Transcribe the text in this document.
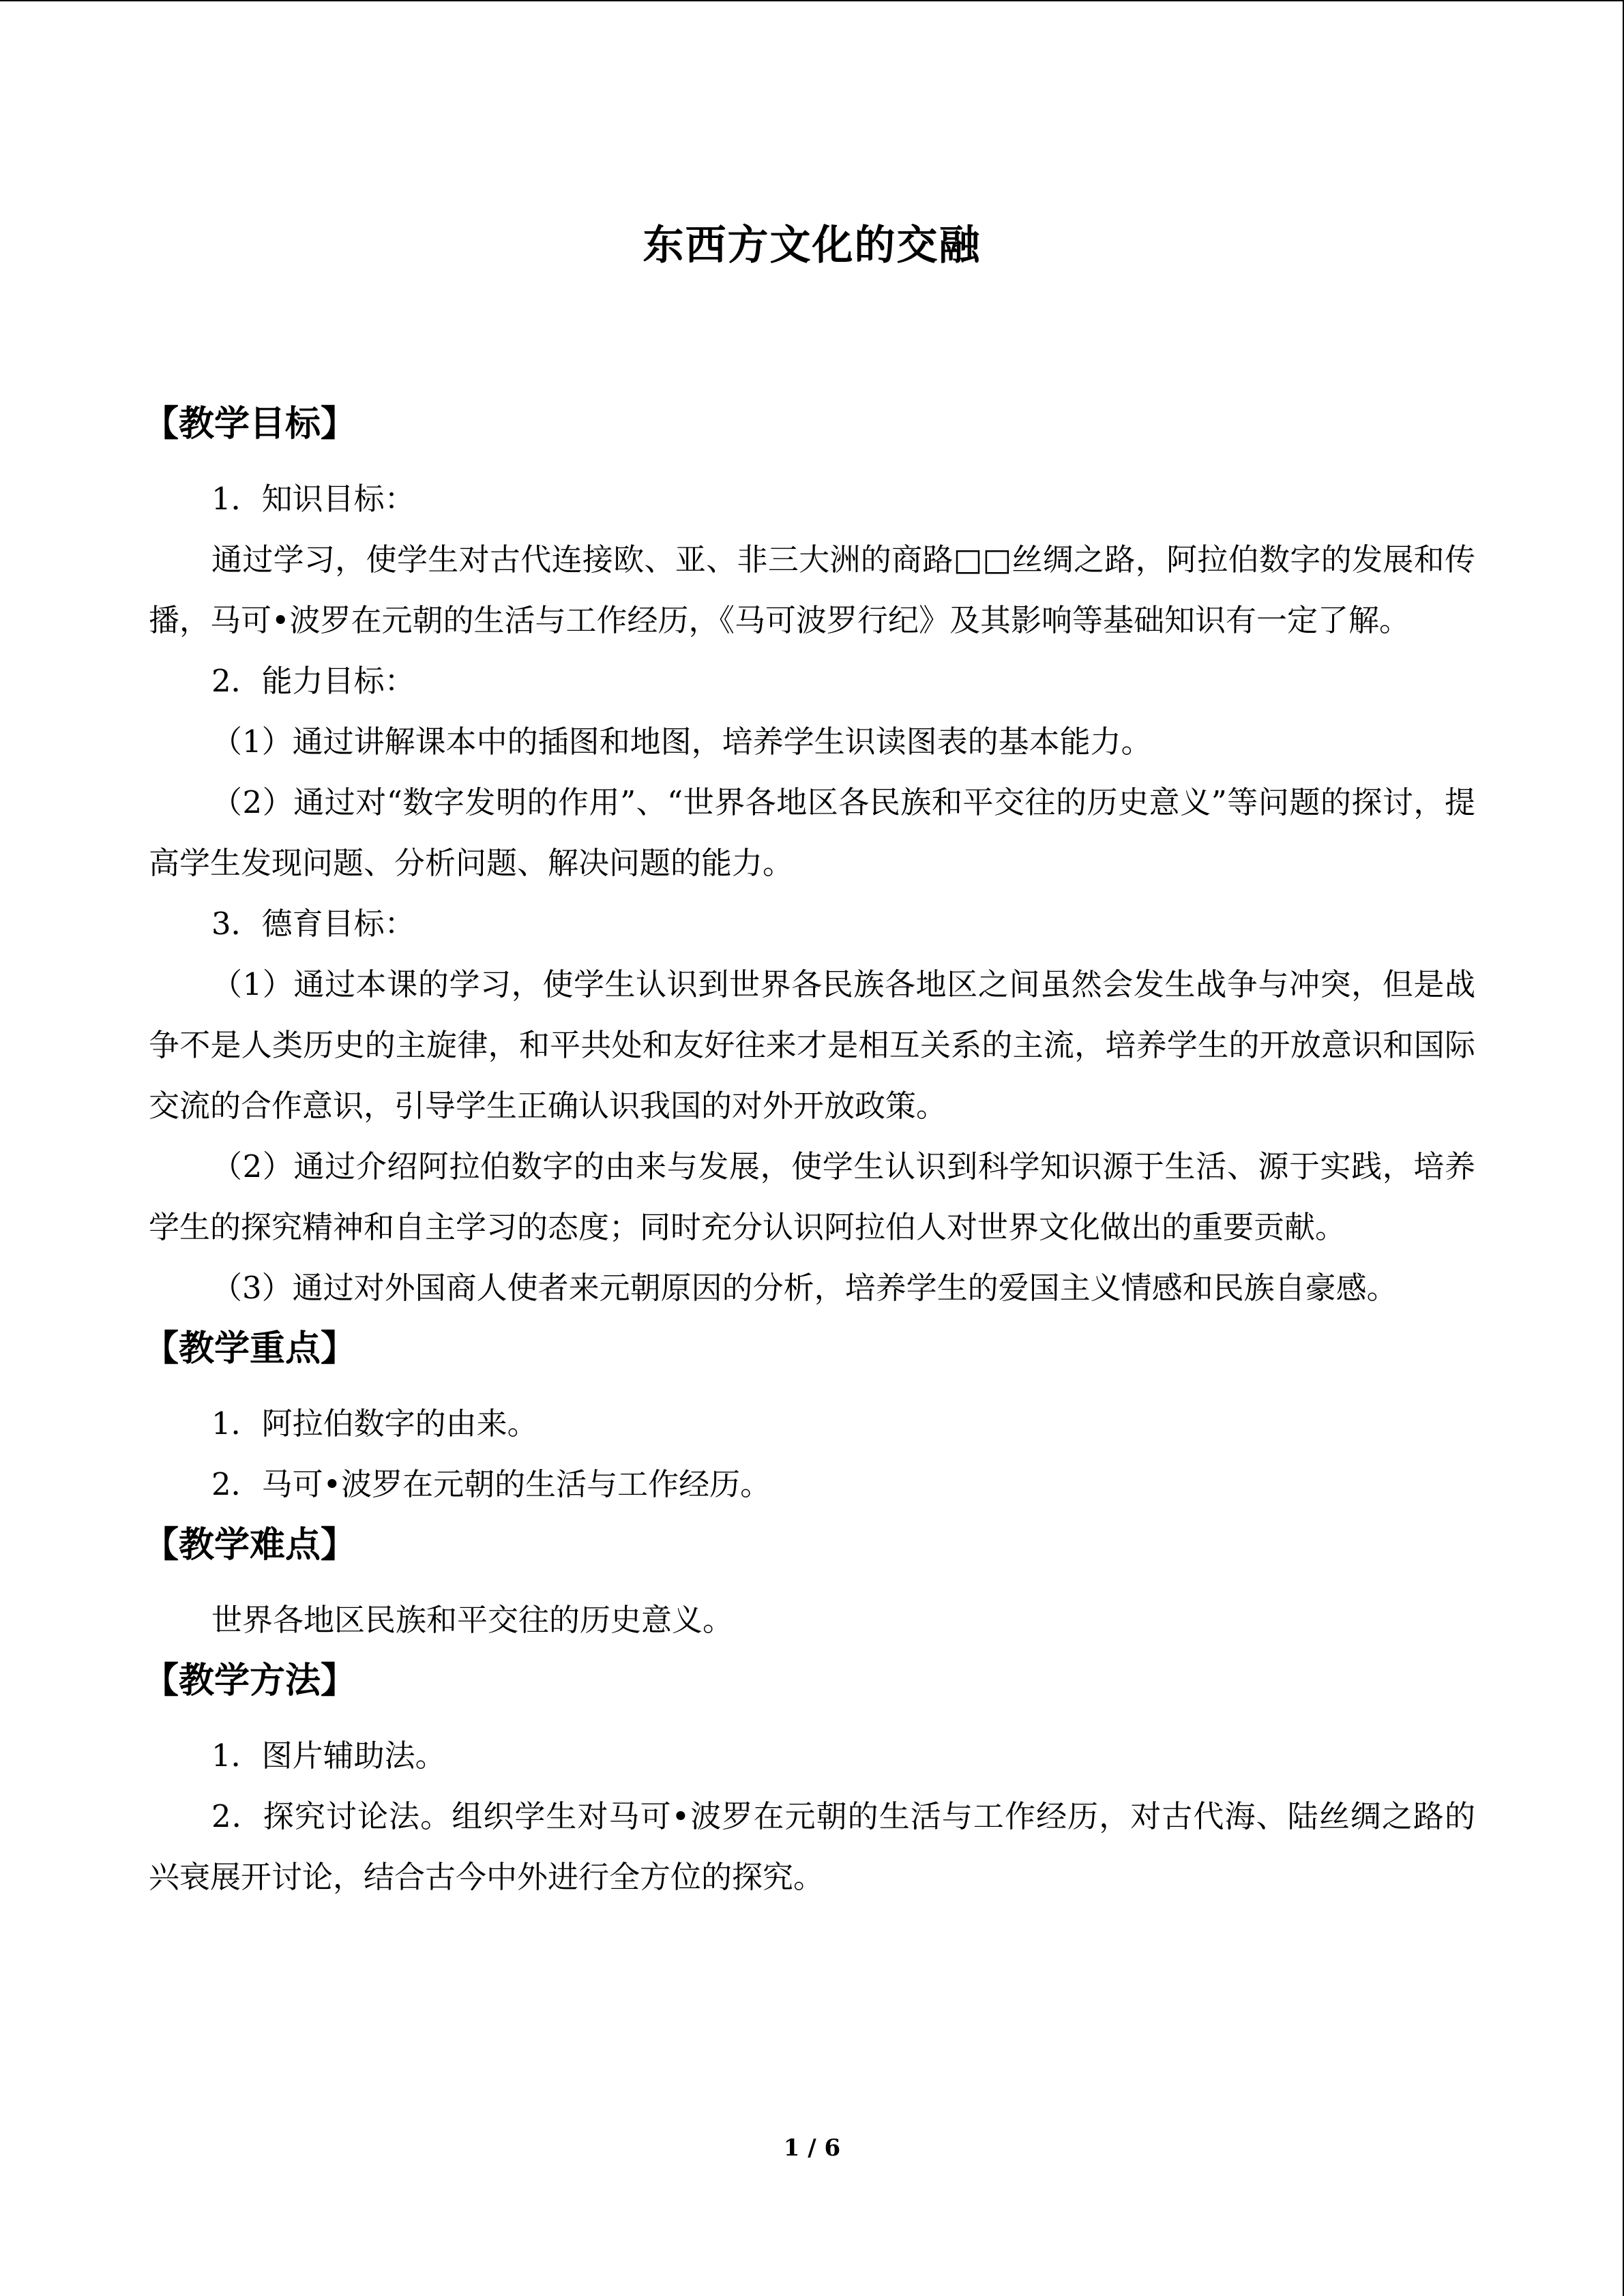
东西方文化的交融
【教学目标】
1．知识目标：
通过学习，使学生对古代连接欧、亚、非三大洲的商路□□丝绸之路，阿拉伯数字的发展和传播，马可•波罗在元朝的生活与工作经历，《马可波罗行纪》及其影响等基础知识有一定了解。
2．能力目标：
（1）通过讲解课本中的插图和地图，培养学生识读图表的基本能力。
（2）通过对“数字发明的作用”、“世界各地区各民族和平交往的历史意义”等问题的探讨，提高学生发现问题、分析问题、解决问题的能力。
3．德育目标：
（1）通过本课的学习，使学生认识到世界各民族各地区之间虽然会发生战争与冲突，但是战争不是人类历史的主旋律，和平共处和友好往来才是相互关系的主流，培养学生的开放意识和国际交流的合作意识，引导学生正确认识我国的对外开放政策。
（2）通过介绍阿拉伯数字的由来与发展，使学生认识到科学知识源于生活、源于实践，培养学生的探究精神和自主学习的态度；同时充分认识阿拉伯人对世界文化做出的重要贡献。
（3）通过对外国商人使者来元朝原因的分析，培养学生的爱国主义情感和民族自豪感。
【教学重点】
1．阿拉伯数字的由来。
2．马可•波罗在元朝的生活与工作经历。
【教学难点】
世界各地区民族和平交往的历史意义。
【教学方法】
1．图片辅助法。
2．探究讨论法。组织学生对马可•波罗在元朝的生活与工作经历，对古代海、陆丝绸之路的兴衰展开讨论，结合古今中外进行全方位的探究。
1 / 6
